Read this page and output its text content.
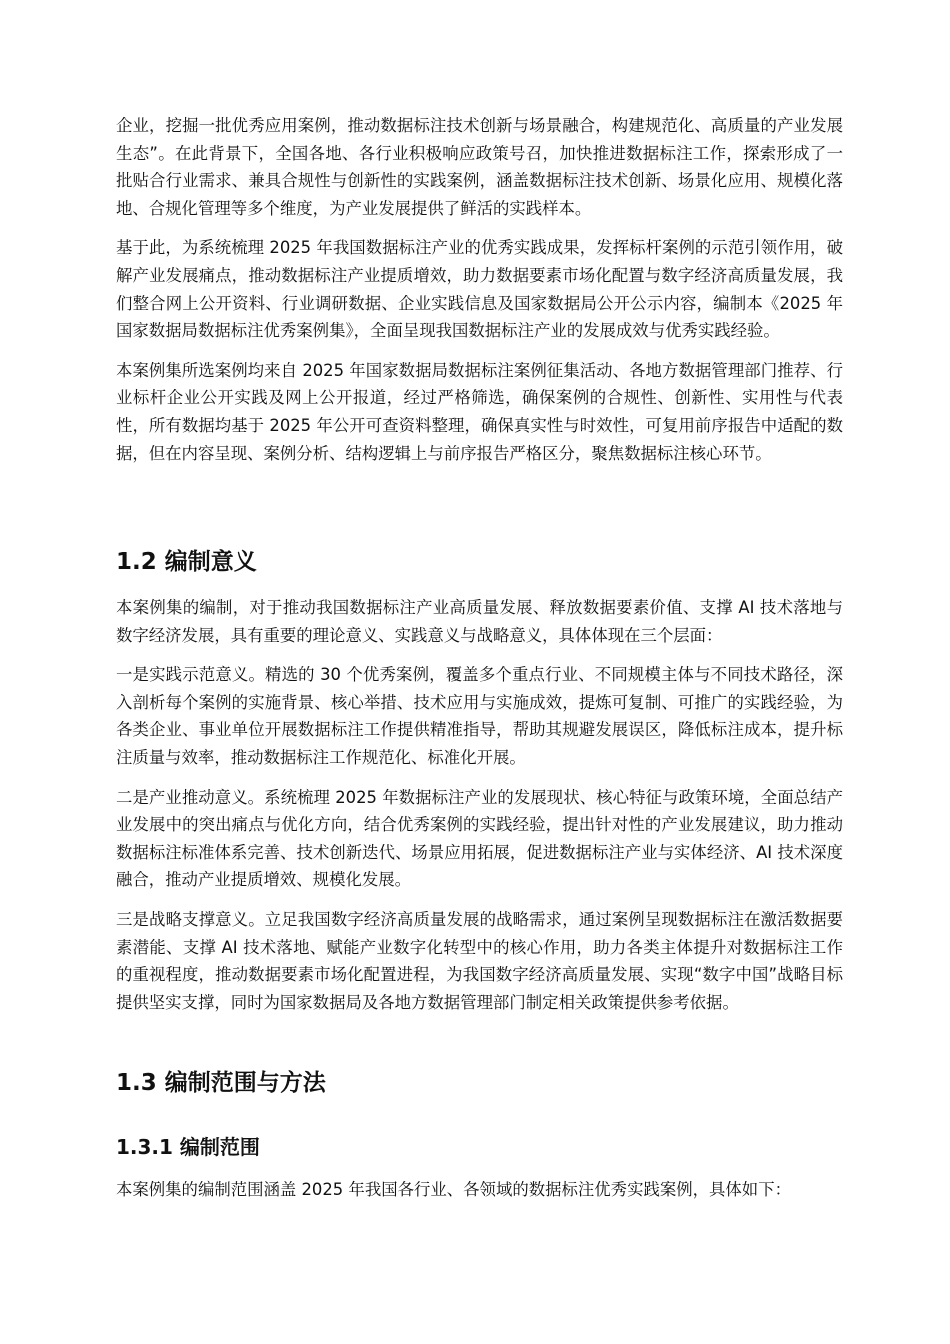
企业，挖掘一批优秀应用案例，推动数据标注技术创新与场景融合，构建规范化、高质量的产业发展生态”。在此背景下，全国各地、各行业积极响应政策号召，加快推进数据标注工作，探索形成了一批贴合行业需求、兼具合规性与创新性的实践案例，涵盖数据标注技术创新、场景化应用、规模化落地、合规化管理等多个维度，为产业发展提供了鲜活的实践样本。

基于此，为系统梳理 2025 年我国数据标注产业的优秀实践成果，发挥标杆案例的示范引领作用，破解产业发展痛点，推动数据标注产业提质增效，助力数据要素市场化配置与数字经济高质量发展，我们整合网上公开资料、行业调研数据、企业实践信息及国家数据局公开公示内容，编制本《2025 年国家数据局数据标注优秀案例集》，全面呈现我国数据标注产业的发展成效与优秀实践经验。

本案例集所选案例均来自 2025 年国家数据局数据标注案例征集活动、各地方数据管理部门推荐、行业标杆企业公开实践及网上公开报道，经过严格筛选，确保案例的合规性、创新性、实用性与代表性，所有数据均基于 2025 年公开可查资料整理，确保真实性与时效性，可复用前序报告中适配的数据，但在内容呈现、案例分析、结构逻辑上与前序报告严格区分，聚焦数据标注核心环节。

1.2 编制意义

本案例集的编制，对于推动我国数据标注产业高质量发展、释放数据要素价值、支撑 AI 技术落地与数字经济发展，具有重要的理论意义、实践意义与战略意义，具体体现在三个层面：

一是实践示范意义。精选的 30 个优秀案例，覆盖多个重点行业、不同规模主体与不同技术路径，深入剖析每个案例的实施背景、核心举措、技术应用与实施成效，提炼可复制、可推广的实践经验，为各类企业、事业单位开展数据标注工作提供精准指导，帮助其规避发展误区，降低标注成本，提升标注质量与效率，推动数据标注工作规范化、标准化开展。

二是产业推动意义。系统梳理 2025 年数据标注产业的发展现状、核心特征与政策环境，全面总结产业发展中的突出痛点与优化方向，结合优秀案例的实践经验，提出针对性的产业发展建议，助力推动数据标注标准体系完善、技术创新迭代、场景应用拓展，促进数据标注产业与实体经济、AI 技术深度融合，推动产业提质增效、规模化发展。

三是战略支撑意义。立足我国数字经济高质量发展的战略需求，通过案例呈现数据标注在激活数据要素潜能、支撑 AI 技术落地、赋能产业数字化转型中的核心作用，助力各类主体提升对数据标注工作的重视程度，推动数据要素市场化配置进程，为我国数字经济高质量发展、实现“数字中国”战略目标提供坚实支撑，同时为国家数据局及各地方数据管理部门制定相关政策提供参考依据。

1.3 编制范围与方法
1.3.1 编制范围

本案例集的编制范围涵盖 2025 年我国各行业、各领域的数据标注优秀实践案例，具体如下：
